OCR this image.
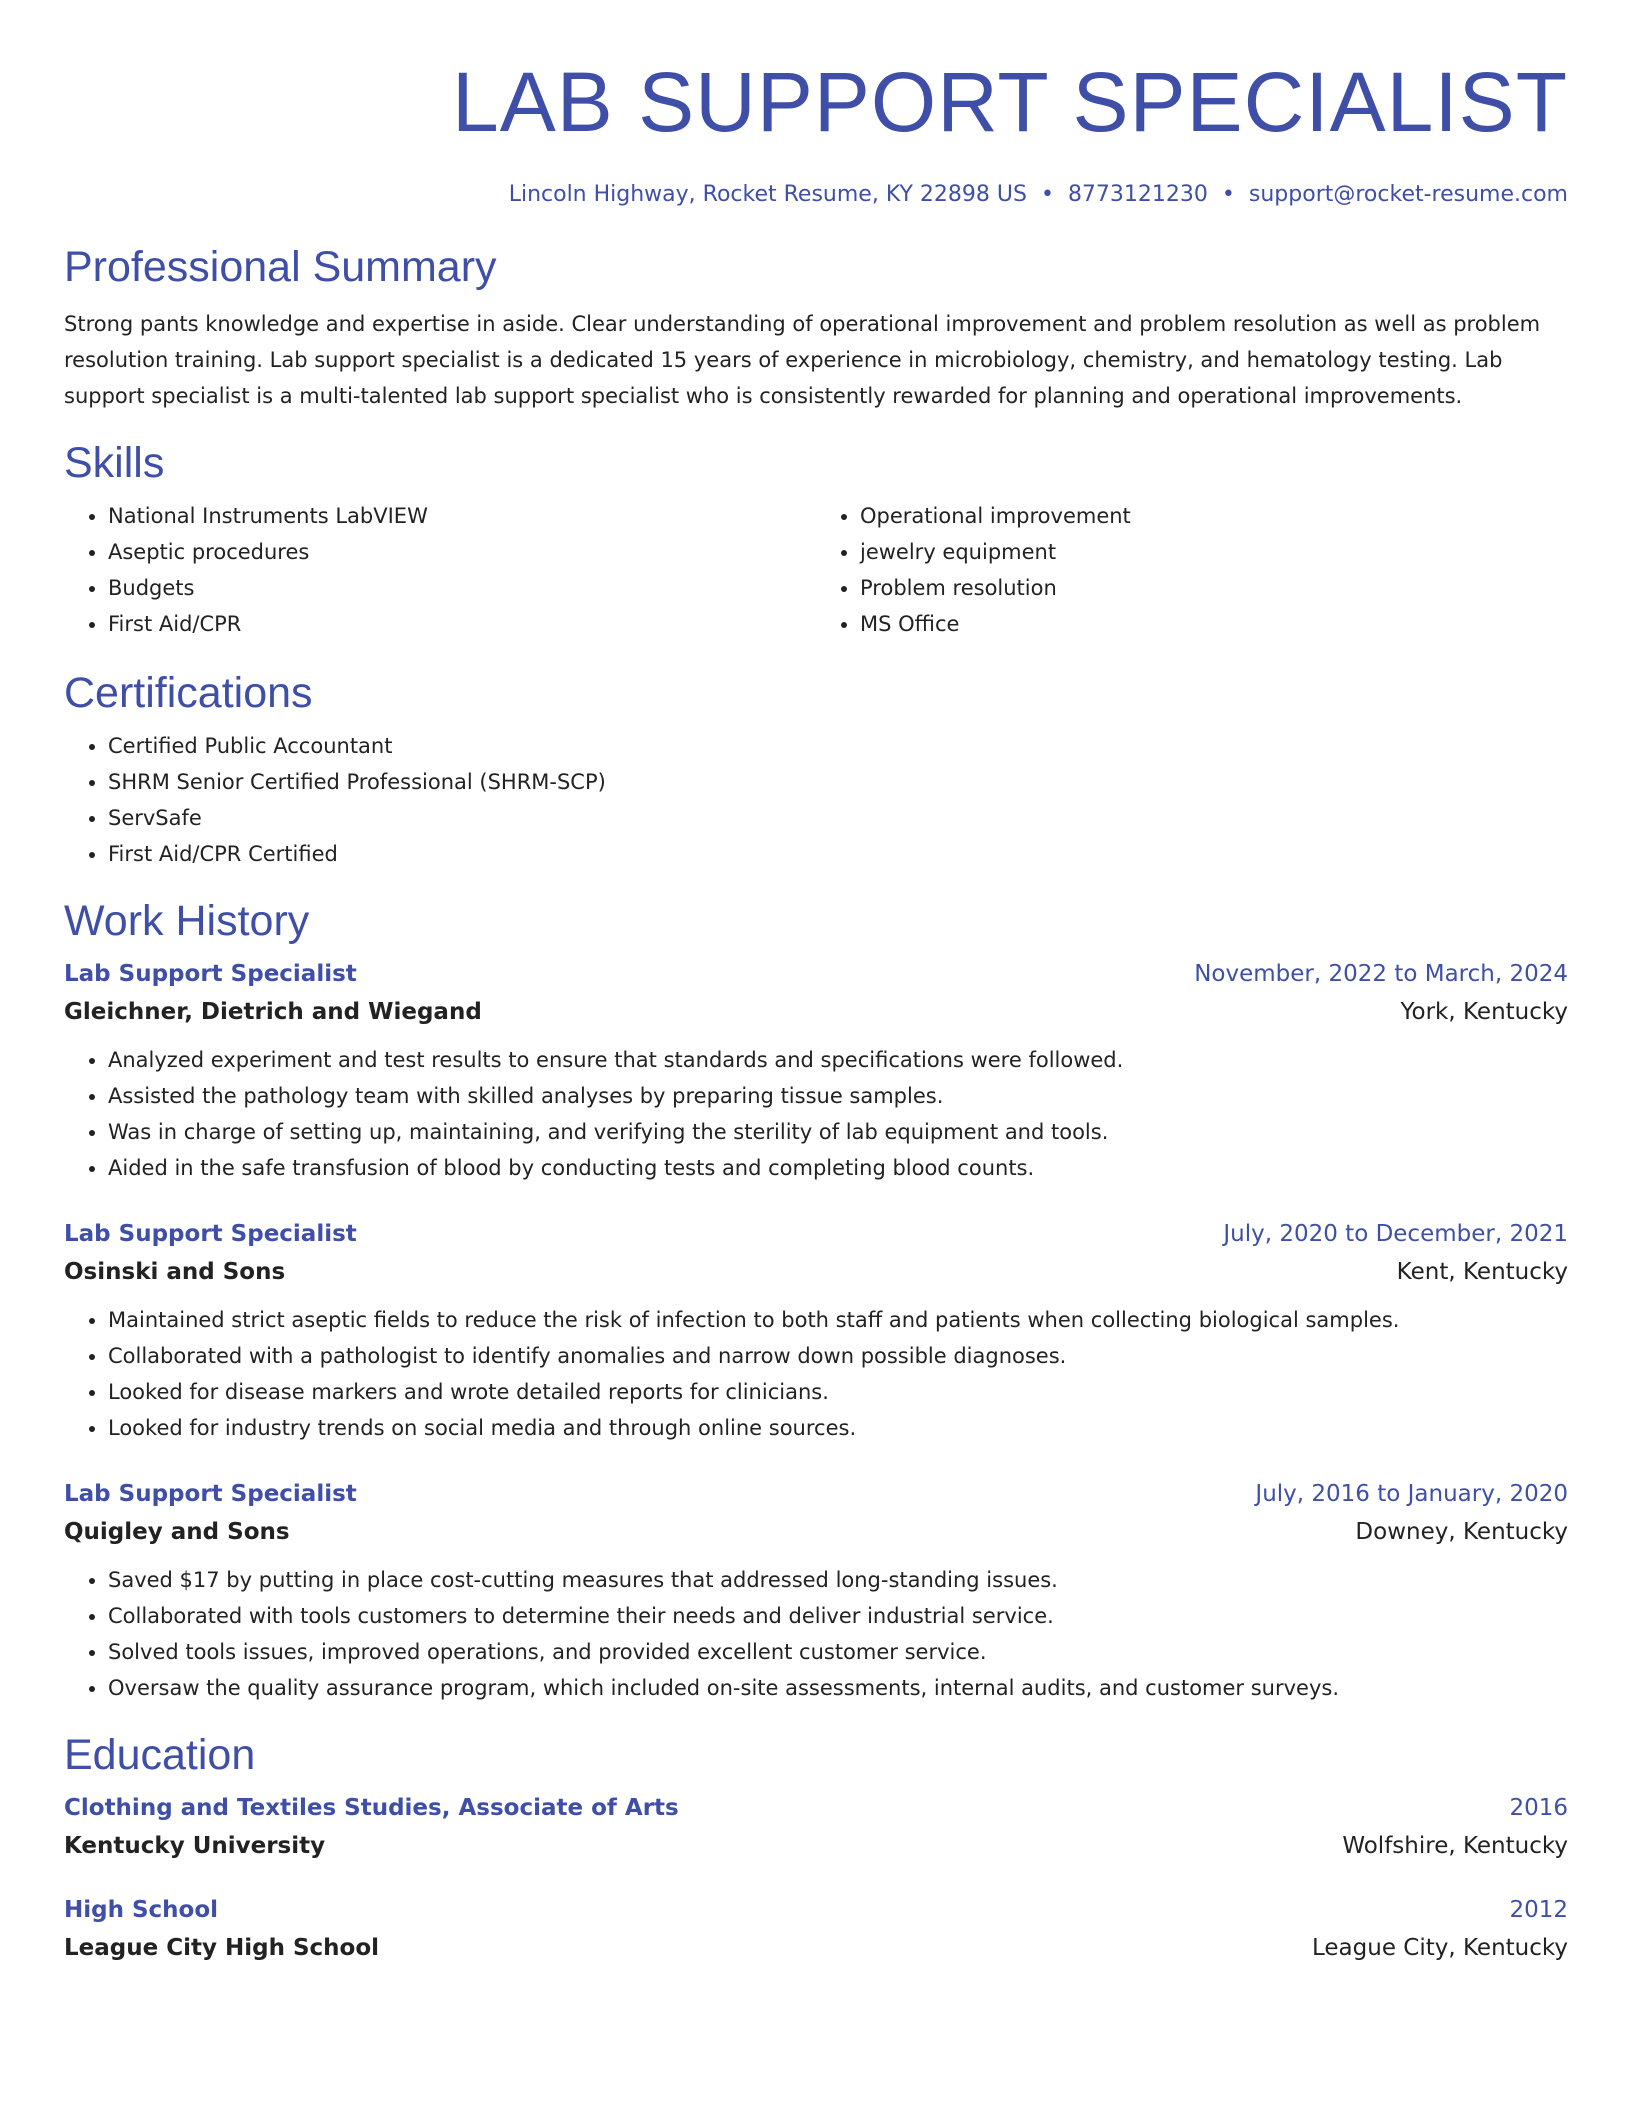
LAB SUPPORT SPECIALIST
Lincoln Highway, Rocket Resume, KY 22898 US • 8773121230 • support@rocket-resume.com
Professional Summary

Strong pants knowledge and expertise in aside. Clear understanding of operational improvement and problem resolution as well as problem resolution training. Lab support specialist is a dedicated 15 years of experience in microbiology, chemistry, and hematology testing. Lab support specialist is a multi-talented lab support specialist who is consistently rewarded for planning and operational improvements.

Skills
• National Instruments LabVIEW
• Aseptic procedures
• Budgets
• First Aid/CPR
• Operational improvement
• jewelry equipment
• Problem resolution
• MS Office
Certifications
• Certified Public Accountant
• SHRM Senior Certified Professional (SHRM-SCP)
• ServSafe
• First Aid/CPR Certified
Work History
Lab Support Specialist	November, 2022 to March, 2024
Gleichner, Dietrich and Wiegand	York, Kentucky
• Analyzed experiment and test results to ensure that standards and specifications were followed.
• Assisted the pathology team with skilled analyses by preparing tissue samples.
• Was in charge of setting up, maintaining, and verifying the sterility of lab equipment and tools.
• Aided in the safe transfusion of blood by conducting tests and completing blood counts.
Lab Support Specialist	July, 2020 to December, 2021
Osinski and Sons	Kent, Kentucky
• Maintained strict aseptic fields to reduce the risk of infection to both staff and patients when collecting biological samples.
• Collaborated with a pathologist to identify anomalies and narrow down possible diagnoses.
• Looked for disease markers and wrote detailed reports for clinicians.
• Looked for industry trends on social media and through online sources.
Lab Support Specialist	July, 2016 to January, 2020
Quigley and Sons	Downey, Kentucky
• Saved $17 by putting in place cost-cutting measures that addressed long-standing issues.
• Collaborated with tools customers to determine their needs and deliver industrial service.
• Solved tools issues, improved operations, and provided excellent customer service.
• Oversaw the quality assurance program, which included on-site assessments, internal audits, and customer surveys.
Education
Clothing and Textiles Studies, Associate of Arts	2016
Kentucky University	Wolfshire, Kentucky
High School	2012
League City High School	League City, Kentucky
